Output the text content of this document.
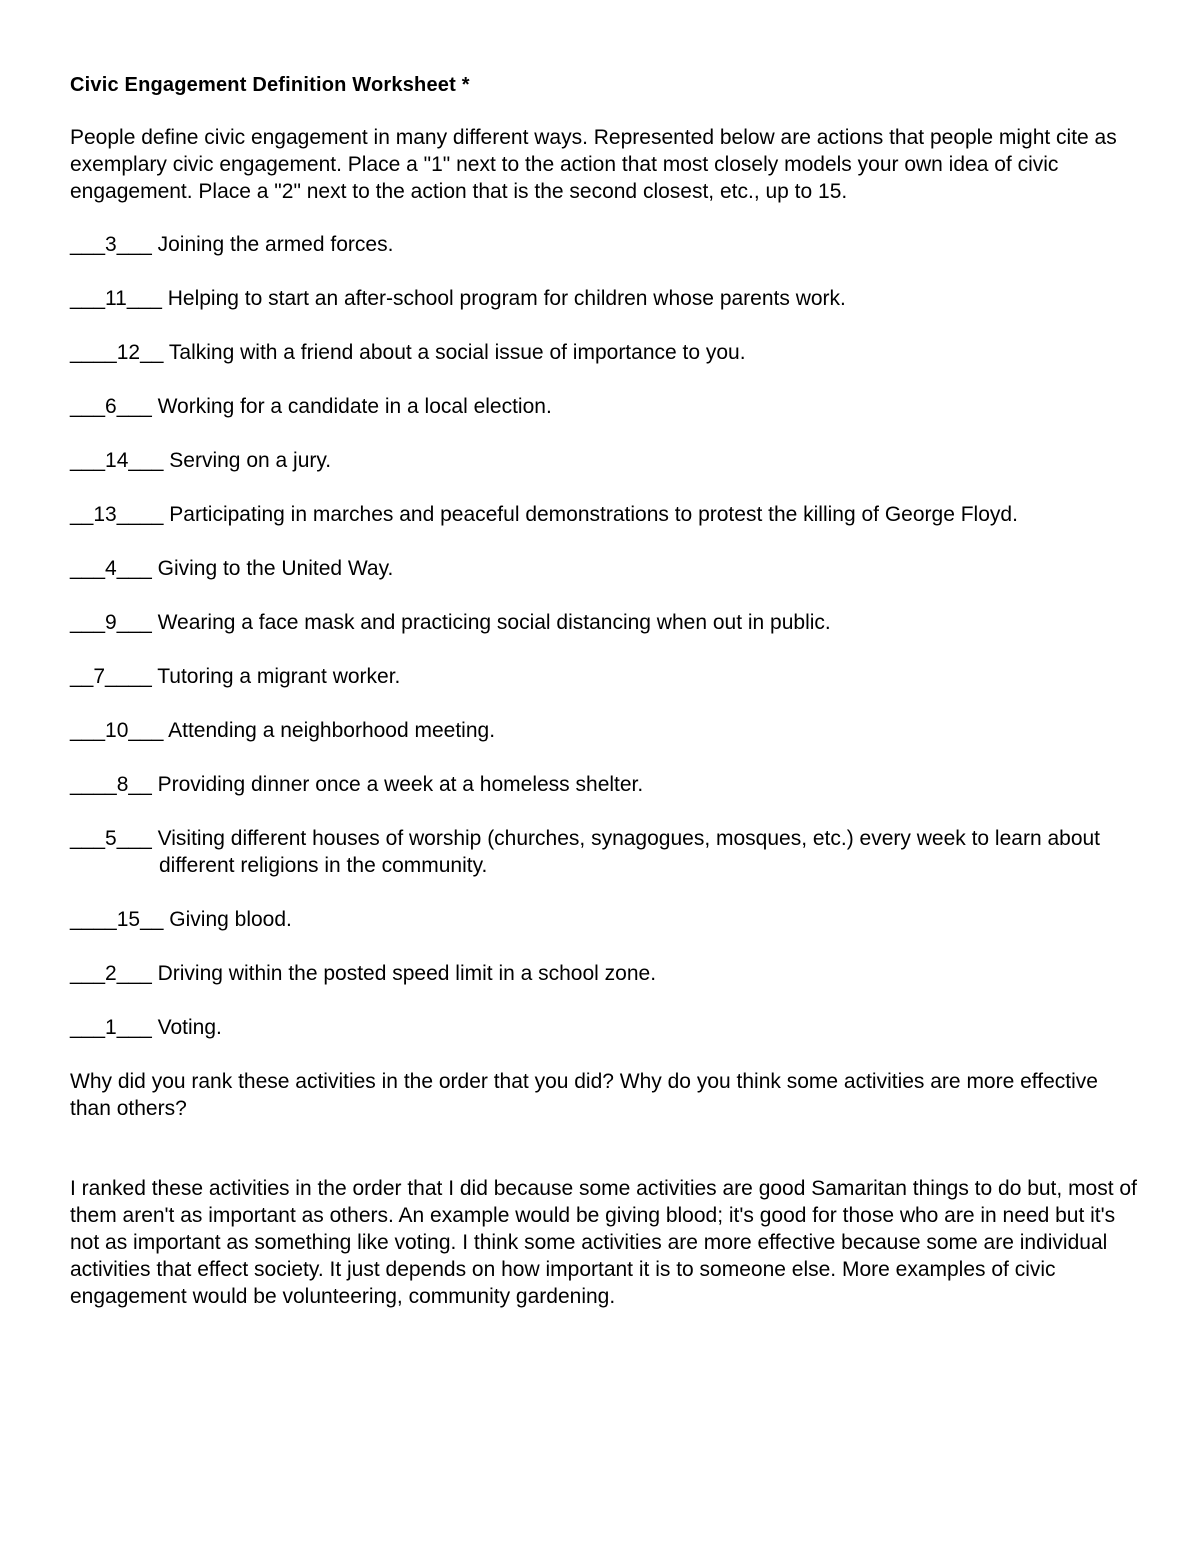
Civic Engagement Definition Worksheet *
People define civic engagement in many different ways. Represented below are actions that people might cite as exemplary civic engagement. Place a "1" next to the action that most closely models your own idea of civic engagement. Place a "2" next to the action that is the second closest, etc., up to 15.
___3___ Joining the armed forces.
___11___ Helping to start an after-school program for children whose parents work.
____12__ Talking with a friend about a social issue of importance to you.
___6___ Working for a candidate in a local election.
___14___ Serving on a jury.
__13____ Participating in marches and peaceful demonstrations to protest the killing of George Floyd.
___4___ Giving to the United Way.
___9___ Wearing a face mask and practicing social distancing when out in public.
__7____ Tutoring a migrant worker.
___10___ Attending a neighborhood meeting.
____8__ Providing dinner once a week at a homeless shelter.
___5___ Visiting different houses of worship (churches, synagogues, mosques, etc.) every week to learn about different religions in the community.
____15__ Giving blood.
___2___ Driving within the posted speed limit in a school zone.
___1___ Voting.
Why did you rank these activities in the order that you did? Why do you think some activities are more effective than others?
I ranked these activities in the order that I did because some activities are good Samaritan things to do but, most of them aren't as important as others. An example would be giving blood; it's good for those who are in need but it's not as important as something like voting. I think some activities are more effective because some are individual activities that effect society. It just depends on how important it is to someone else. More examples of civic engagement would be volunteering, community gardening.
